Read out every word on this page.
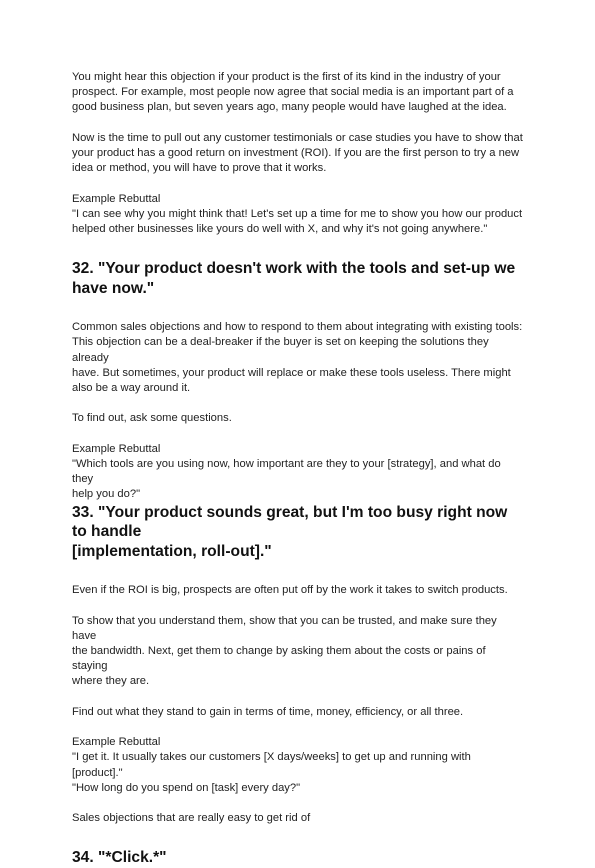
You might hear this objection if your product is the first of its kind in the industry of your
prospect. For example, most people now agree that social media is an important part of a
good business plan, but seven years ago, many people would have laughed at the idea.

Now is the time to pull out any customer testimonials or case studies you have to show that
your product has a good return on investment (ROI). If you are the first person to try a new
idea or method, you will have to prove that it works.

Example Rebuttal
"I can see why you might think that! Let's set up a time for me to show you how our product
helped other businesses like yours do well with X, and why it's not going anywhere."

32. "Your product doesn't work with the tools and set-up we have now."

Common sales objections and how to respond to them about integrating with existing tools:
This objection can be a deal-breaker if the buyer is set on keeping the solutions they already
have. But sometimes, your product will replace or make these tools useless. There might
also be a way around it.

To find out, ask some questions.

Example Rebuttal
"Which tools are you using now, how important are they to your [strategy], and what do they
help you do?"

33. "Your product sounds great, but I'm too busy right now to handle
[implementation, roll-out]."

Even if the ROI is big, prospects are often put off by the work it takes to switch products.

To show that you understand them, show that you can be trusted, and make sure they have
the bandwidth. Next, get them to change by asking them about the costs or pains of staying
where they are.

Find out what they stand to gain in terms of time, money, efficiency, or all three.

Example Rebuttal
"I get it. It usually takes our customers [X days/weeks] to get up and running with [product]."
"How long do you spend on [task] every day?"

Sales objections that are really easy to get rid of

34. "*Click.*"
